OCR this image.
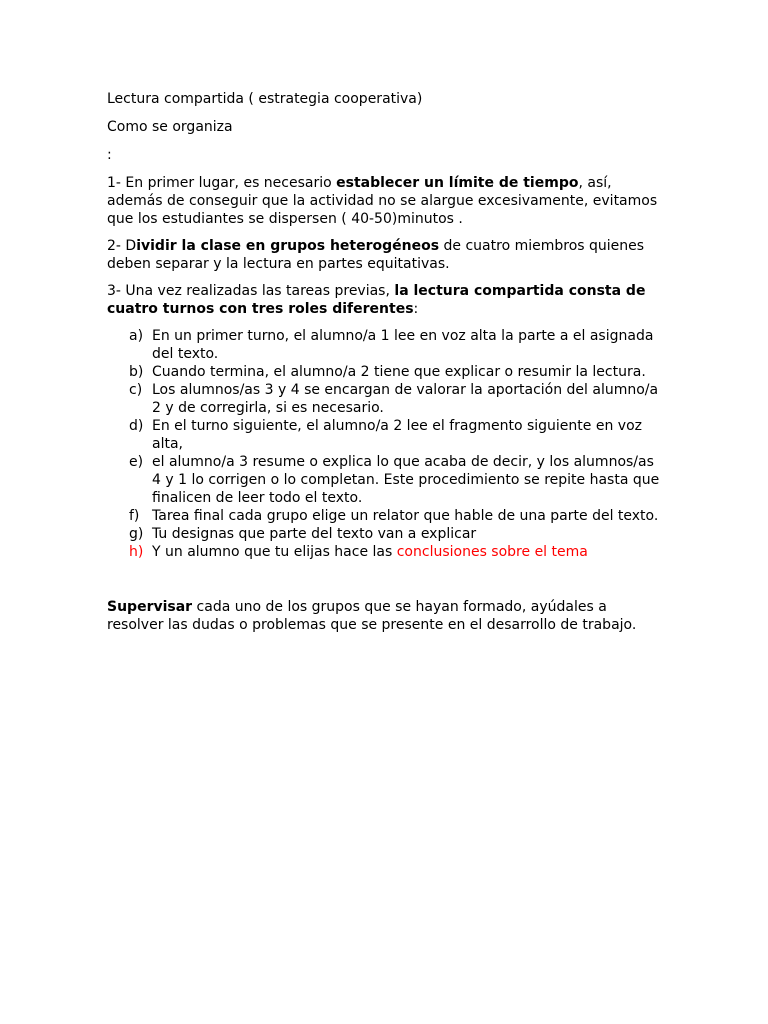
Lectura compartida ( estrategia cooperativa)

Como se organiza

:

1- En primer lugar, es necesario establecer un límite de tiempo, así, además de conseguir que la actividad no se alargue excesivamente, evitamos que los estudiantes se dispersen ( 40-50)minutos .

2- Dividir la clase en grupos heterogéneos de cuatro miembros quienes deben separar y la lectura en partes equitativas.

3- Una vez realizadas las tareas previas, la lectura compartida consta de cuatro turnos con tres roles diferentes:

a) En un primer turno, el alumno/a 1 lee en voz alta la parte a el asignada del texto.
b) Cuando termina, el alumno/a 2 tiene que explicar o resumir la lectura.
c) Los alumnos/as 3 y 4 se encargan de valorar la aportación del alumno/a 2 y de corregirla, si es necesario.
d) En el turno siguiente, el alumno/a 2 lee el fragmento siguiente en voz alta,
e) el alumno/a 3 resume o explica lo que acaba de decir, y los alumnos/as 4 y 1 lo corrigen o lo completan. Este procedimiento se repite hasta que finalicen de leer todo el texto.
f) Tarea final cada grupo elige un relator que hable de una parte del texto.
g) Tu designas que parte del texto van a explicar
h) Y un alumno que tu elijas hace las conclusiones sobre el tema

Supervisar cada uno de los grupos que se hayan formado, ayúdales a resolver las dudas o problemas que se presente en el desarrollo de trabajo.
